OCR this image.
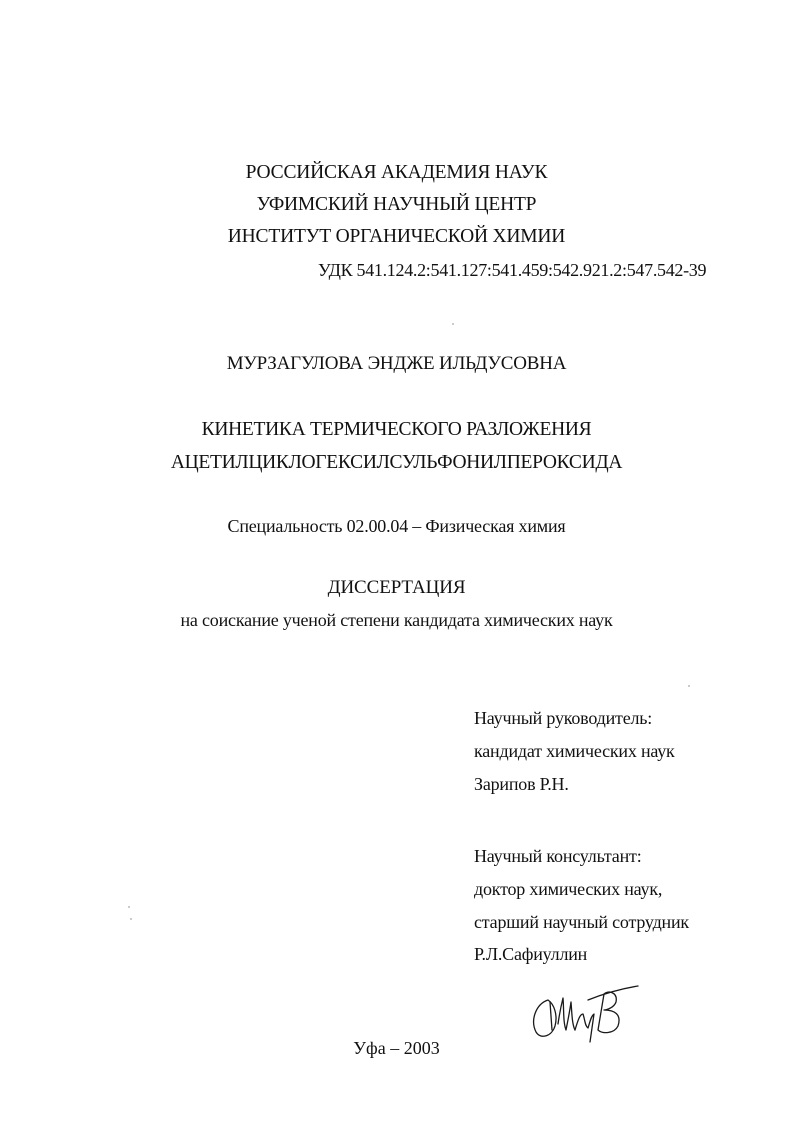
РОССИЙСКАЯ АКАДЕМИЯ НАУК
УФИМСКИЙ НАУЧНЫЙ ЦЕНТР
ИНСТИТУТ ОРГАНИЧЕСКОЙ ХИМИИ
УДК 541.124.2:541.127:541.459:542.921.2:547.542-39
МУРЗАГУЛОВА ЭНДЖЕ ИЛЬДУСОВНА
КИНЕТИКА ТЕРМИЧЕСКОГО РАЗЛОЖЕНИЯ
АЦЕТИЛЦИКЛОГЕКСИЛСУЛЬФОНИЛПЕРОКСИДА
Специальность 02.00.04 – Физическая химия
ДИССЕРТАЦИЯ
на соискание ученой степени кандидата химических наук
Научный руководитель:
кандидат химических наук
Зарипов Р.Н.
Научный консультант:
доктор химических наук,
старший научный сотрудник
Р.Л.Сафиуллин
Уфа – 2003
